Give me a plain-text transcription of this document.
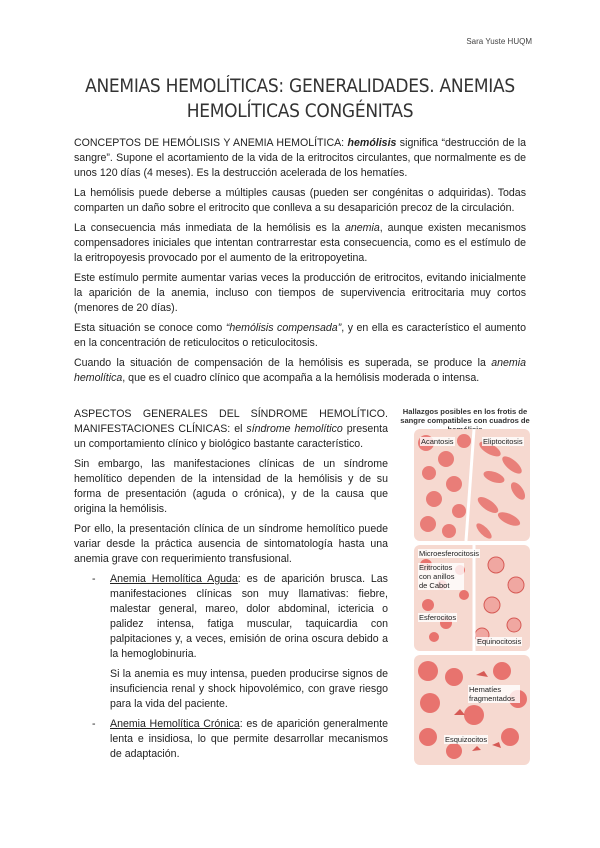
Sara Yuste HUQM
ANEMIAS HEMOLÍTICAS: GENERALIDADES. ANEMIAS HEMOLÍTICAS CONGÉNITAS

CONCEPTOS DE HEMÓLISIS Y ANEMIA HEMOLÍTICA: hemólisis significa “destrucción de la sangre”. Supone el acortamiento de la vida de la eritrocitos circulantes, que normalmente es de unos 120 días (4 meses). Es la destrucción acelerada de los hematíes.

La hemólisis puede deberse a múltiples causas (pueden ser congénitas o adquiridas). Todas comparten un daño sobre el eritrocito que conlleva a su desaparición precoz de la circulación.

La consecuencia más inmediata de la hemólisis es la anemia, aunque existen mecanismos compensadores iniciales que intentan contrarrestar esta consecuencia, como es el estímulo de la eritropoyesis provocado por el aumento de la eritropoyetina.

Este estímulo permite aumentar varias veces la producción de eritrocitos, evitando inicialmente la aparición de la anemia, incluso con tiempos de supervivencia eritrocitaria muy cortos (menores de 20 días).

Esta situación se conoce como “hemólisis compensada”, y en ella es característico el aumento en la concentración de reticulocitos o reticulocitosis.

Cuando la situación de compensación de la hemólisis es superada, se produce la anemia hemolítica, que es el cuadro clínico que acompaña a la hemólisis moderada o intensa.

ASPECTOS GENERALES DEL SÍNDROME HEMOLÍTICO. MANIFESTACIONES CLÍNICAS: el síndrome hemolítico presenta un comportamiento clínico y biológico bastante característico.

Sin embargo, las manifestaciones clínicas de un síndrome hemolítico dependen de la intensidad de la hemólisis y de su forma de presentación (aguda o crónica), y de la causa que origina la hemólisis.

Por ello, la presentación clínica de un síndrome hemolítico puede variar desde la práctica ausencia de sintomatología hasta una anemia grave con requerimiento transfusional.

- Anemia Hemolítica Aguda: es de aparición brusca. Las manifestaciones clínicas son muy llamativas: fiebre, malestar general, mareo, dolor abdominal, ictericia o palidez intensa, fatiga muscular, taquicardia con palpitaciones y, a veces, emisión de orina oscura debido a la hemoglobinuria.

Si la anemia es muy intensa, pueden producirse signos de insuficiencia renal y shock hipovolémico, con grave riesgo para la vida del paciente.

- Anemia Hemolítica Crónica: es de aparición generalmente lenta e insidiosa, lo que permite desarrollar mecanismos de adaptación.
Hallazgos posibles en los frotis de sangre compatibles con cuadros de
Acantosis	Eliptocitosis
Microesferocitosis
Eritrocitos con anillos de Cabot
Esferocitos
Equinocitosis
Hematíes fragmentados
Esquizocitos
